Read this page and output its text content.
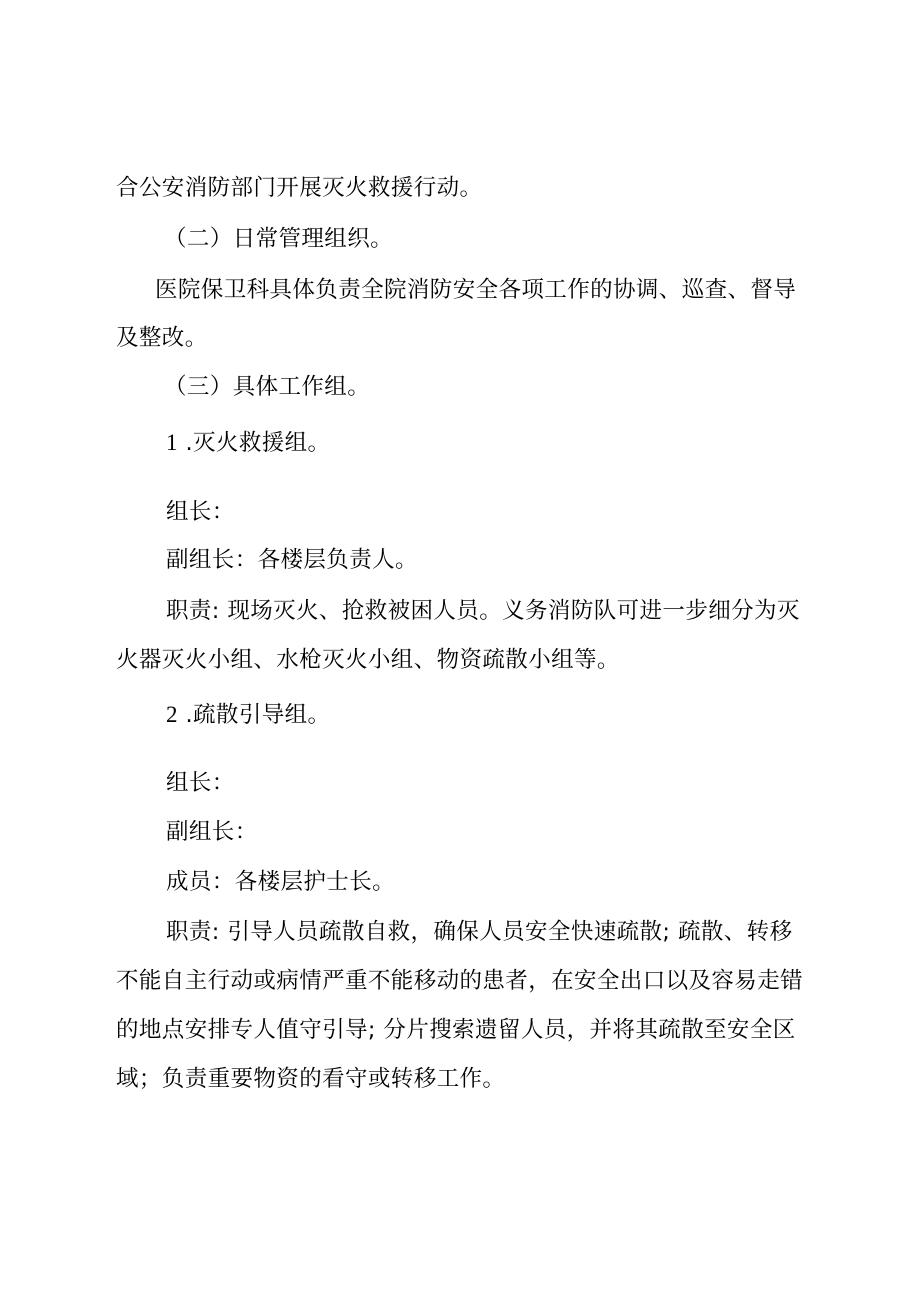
合公安消防部门开展灭火救援行动。
（二）日常管理组织。
医院保卫科具体负责全院消防安全各项工作的协调、巡查、督导
及整改。
（三）具体工作组。
1 .灭火救援组。
组长：
副组长：各楼层负责人。
职责: 现场灭火、抢救被困人员。义务消防队可进一步细分为灭
火器灭火小组、水枪灭火小组、物资疏散小组等。
2 .疏散引导组。
组长：
副组长：
成员：各楼层护士长。
职责: 引导人员疏散自救，确保人员安全快速疏散; 疏散、转移
不能自主行动或病情严重不能移动的患者，在安全出口以及容易走错
的地点安排专人值守引导; 分片搜索遗留人员，并将其疏散至安全区
域；负责重要物资的看守或转移工作。
